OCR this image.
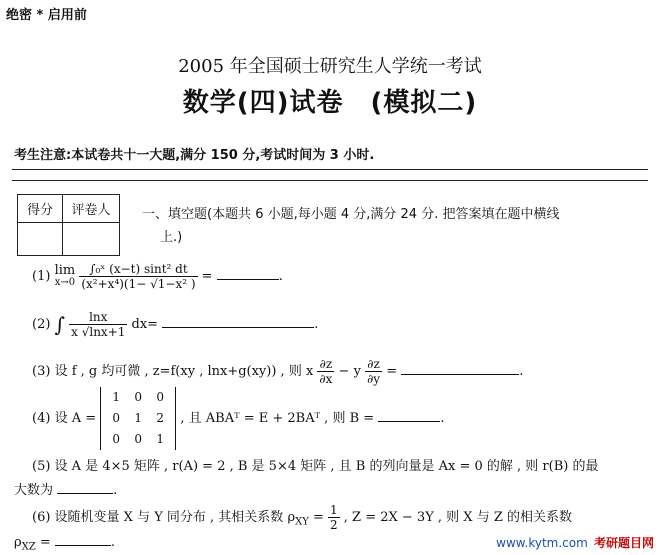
绝密 * 启用前
2005 年全国硕士研究生人学统一考试
数学(四)试卷　(模拟二)
考生注意:本试卷共十一大题,满分 150 分,考试时间为 3 小时.
得分	评卷人
	一、填空题(本题共 6 小题,每小题 4 分,满分 24 分. 把答案填在题中横线
上.)
(1) lim
x→0
$\frac{\text{∫₀ˣ (x−t) sint² dt}}{\text{(x²+x⁴)(1− √1−x² )}}$ =	.
(2) ∫ $\frac{\ln x}{x √\ln x+1} dx=$	.
(3) 设 f , g 均可微 , z=f(xy , lnx+g(xy)) , 则 x $\frac{\partial z}{\partial x} - y \frac{\partial z}{\partial y}$ =	.
(4) 设 A = 1 0 0
0 1 2
0 0 1 , 且 ABAᵀ = E + 2BAᵀ , 则 B =	.
(5) 设 A 是 4×5 矩阵 , r(A) = 2 , B 是 5×4 矩阵 , 且 B 的列向量是 Ax = 0 的解 , 则 r(B) 的最
大数为	.
(6) 设随机变量 X 与 Y 同分布 , 其相关系数 $\rho_{XY} = \frac{1}{2}$ , Z = 2X − 3Y , 则 X 与 Z 的相关系数
$\rho_{XZ}$ =	.	www.kytm.com 考研题目网
